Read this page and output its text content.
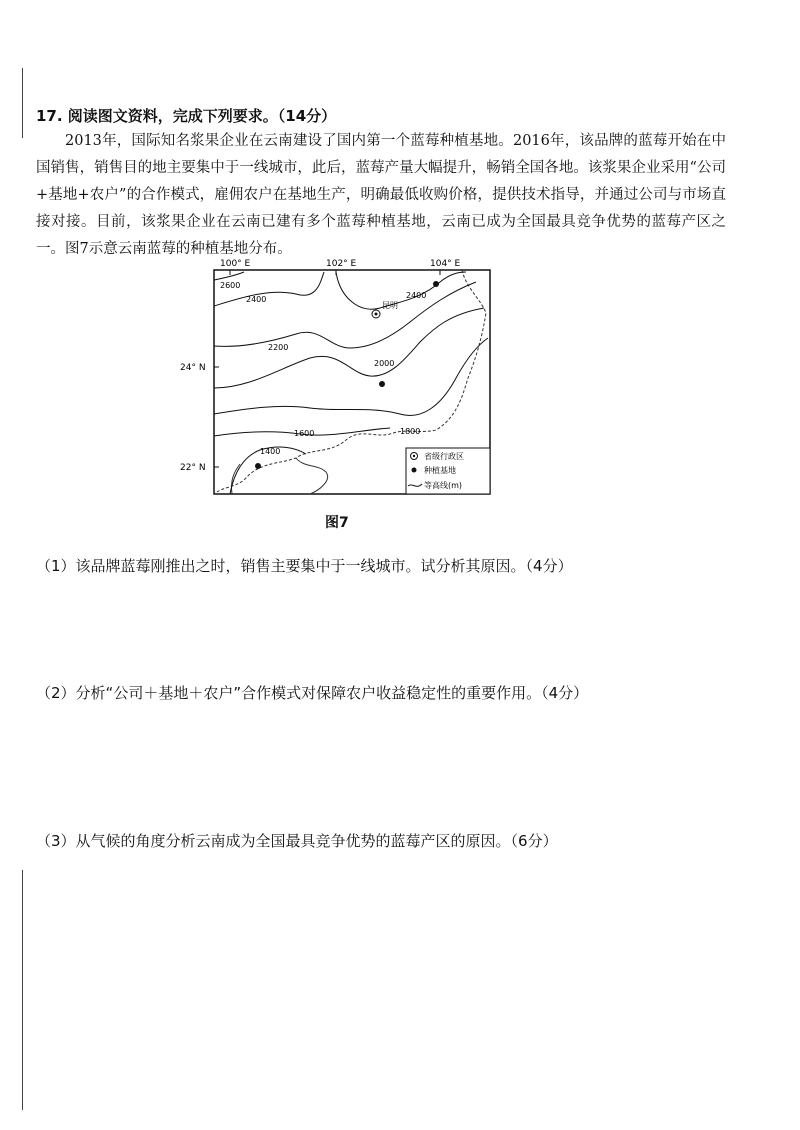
17. 阅读图文资料，完成下列要求。（14分）

2013年，国际知名浆果企业在云南建设了国内第一个蓝莓种植基地。2016年，该品牌的蓝莓开始在中国销售，销售目的地主要集中于一线城市，此后，蓝莓产量大幅提升，畅销全国各地。该浆果企业采用“公司+基地+农户”的合作模式，雇佣农户在基地生产，明确最低收购价格，提供技术指导，并通过公司与市场直接对接。目前，该浆果企业在云南已建有多个蓝莓种植基地，云南已成为全国最具竞争优势的蓝莓产区之一。图7示意云南蓝莓的种植基地分布。

100° E	102° E	104° E
24° N
22° N
2600
2400	2400
2200
2000
1800
1600
1400
昆明
省级行政区
种植基地
等高线(m)
图7
（1）该品牌蓝莓刚推出之时，销售主要集中于一线城市。试分析其原因。（4分）
（2）分析“公司＋基地＋农户”合作模式对保障农户收益稳定性的重要作用。（4分）
（3）从气候的角度分析云南成为全国最具竞争优势的蓝莓产区的原因。（6分）
